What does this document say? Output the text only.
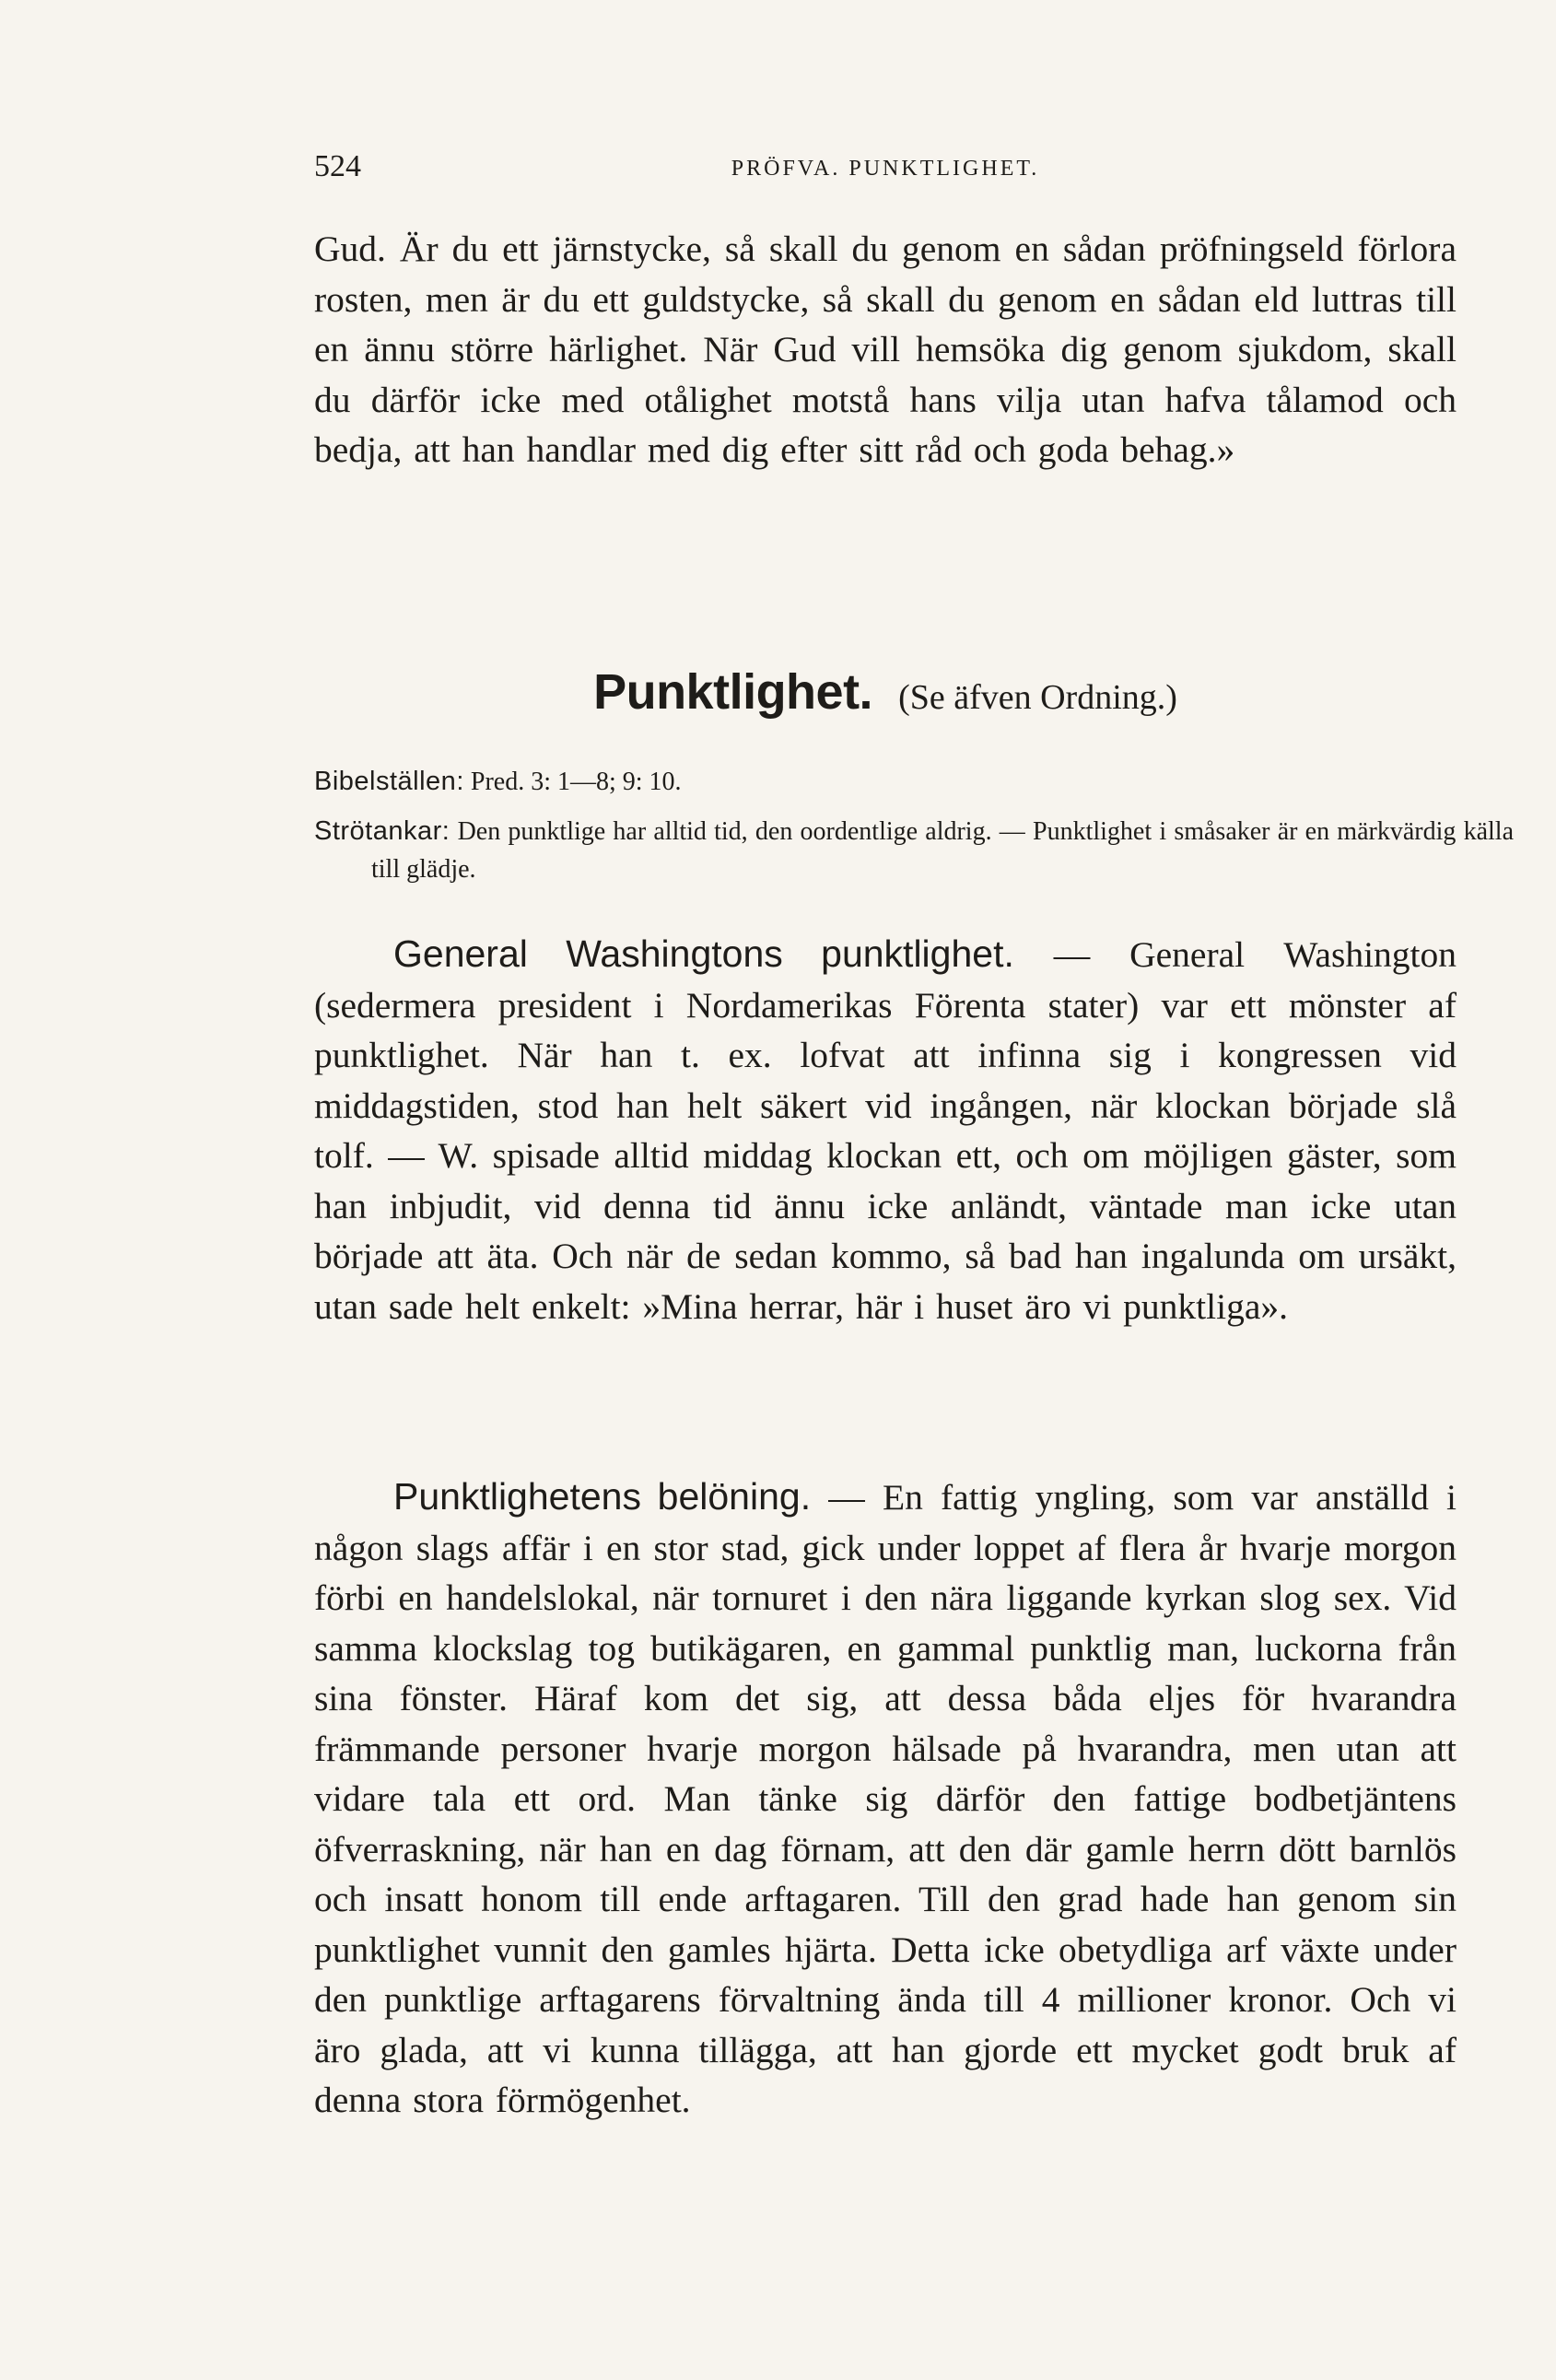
524	PRÖFVA. PUNKTLIGHET.

Gud. Är du ett järnstycke, så skall du genom en sådan pröfningseld förlora rosten, men är du ett guldstycke, så skall du genom en sådan eld luttras till en ännu större härlighet. När Gud vill hemsöka dig genom sjukdom, skall du därför icke med otålighet motstå hans vilja utan hafva tålamod och bedja, att han handlar med dig efter sitt råd och goda behag.»

Punktlighet. (Se äfven Ordning.)
Bibelställen: Pred. 3: 1—8; 9: 10.
Strötankar: Den punktlige har alltid tid, den oordentlige aldrig. — Punktlighet i småsaker är en märkvärdig källa till glädje.

General Washingtons punktlighet. — General Washington (sedermera president i Nordamerikas Förenta stater) var ett mönster af punktlighet. När han t. ex. lofvat att infinna sig i kongressen vid middagstiden, stod han helt säkert vid ingången, när klockan började slå tolf. — W. spisade alltid middag klockan ett, och om möjligen gäster, som han inbjudit, vid denna tid ännu icke anländt, väntade man icke utan började att äta. Och när de sedan kommo, så bad han ingalunda om ursäkt, utan sade helt enkelt: »Mina herrar, här i huset äro vi punktliga».

Punktlighetens belöning. — En fattig yngling, som var anställd i någon slags affär i en stor stad, gick under loppet af flera år hvarje morgon förbi en handelslokal, när tornuret i den nära liggande kyrkan slog sex. Vid samma klockslag tog butikägaren, en gammal punktlig man, luckorna från sina fönster. Häraf kom det sig, att dessa båda eljes för hvarandra främmande personer hvarje morgon hälsade på hvarandra, men utan att vidare tala ett ord. Man tänke sig därför den fattige bodbetjäntens öfverraskning, när han en dag förnam, att den där gamle herrn dött barnlös och insatt honom till ende arftagaren. Till den grad hade han genom sin punktlighet vunnit den gamles hjärta. Detta icke obetydliga arf växte under den punktlige arftagarens förvaltning ända till 4 millioner kronor. Och vi äro glada, att vi kunna tillägga, att han gjorde ett mycket godt bruk af denna stora förmögenhet.
